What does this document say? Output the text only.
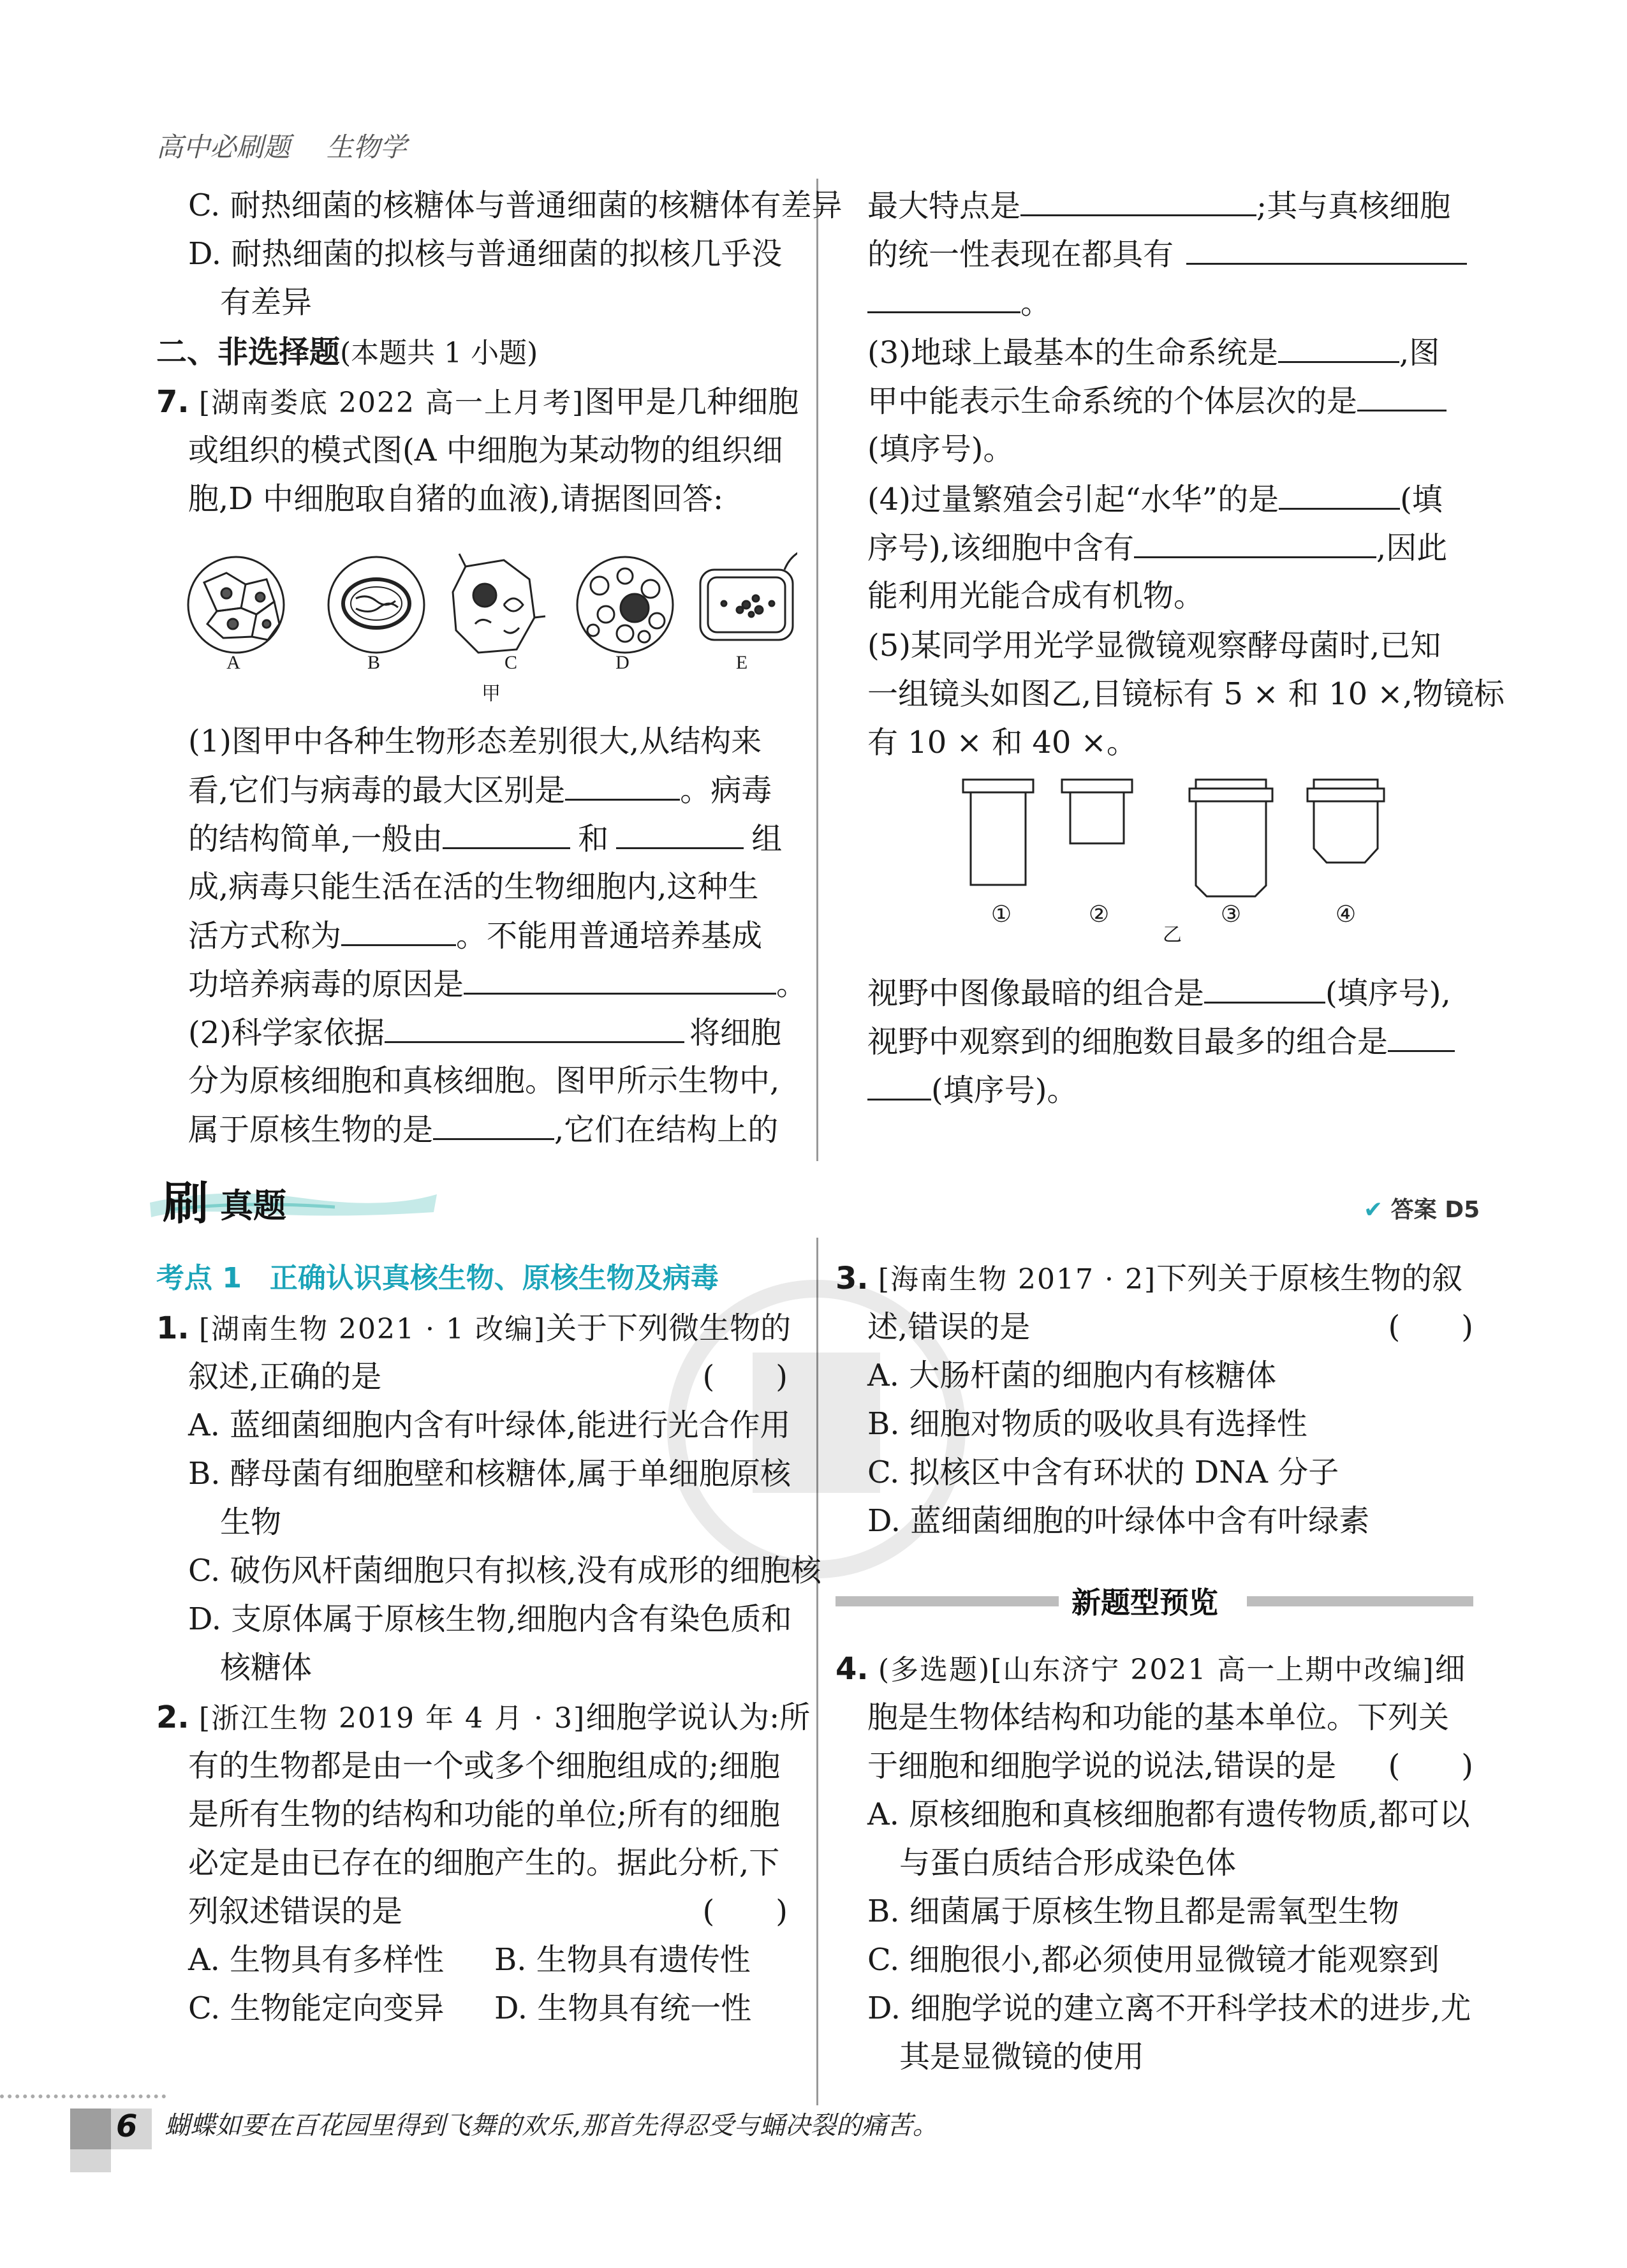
高中必刷题 生物学
C. 耐热细菌的核糖体与普通细菌的核糖体有差异
D. 耐热细菌的拟核与普通细菌的拟核几乎没
有差异
二、非选择题(本题共 1 小题)
7. [湖南娄底 2022 高一上月考]图甲是几种细胞
或组织的模式图(A 中细胞为某动物的组织细
胞,D 中细胞取自猪的血液),请据图回答:
A	B	C	D	E
甲
(1)图甲中各种生物形态差别很大,从结构来
看,它们与病毒的最大区别是	。病毒
的结构简单,一般由	和	组
成,病毒只能生活在活的生物细胞内,这种生
活方式称为	。不能用普通培养基成
功培养病毒的原因是	。
(2)科学家依据	将细胞
分为原核细胞和真核细胞。图甲所示生物中,
属于原核生物的是	,它们在结构上的
最大特点是	;其与真核细胞
的统一性表现在都具有
。
(3)地球上最基本的生命系统是	,图
甲中能表示生命系统的个体层次的是
(填序号)。
(4)过量繁殖会引起“水华”的是	(填
序号),该细胞中含有	,因此
能利用光能合成有机物。
(5)某同学用光学显微镜观察酵母菌时,已知
一组镜头如图乙,目镜标有 5 × 和 10 ×,物镜标
有 10 × 和 40 ×。
①	②	③	④
乙
视野中图像最暗的组合是	(填序号),
视野中观察到的细胞数目最多的组合是
(填序号)。
刷 真题	✔ 答案 D5
考点 1　正确认识真核生物、原核生物及病毒
1. [湖南生物 2021 · 1 改编]关于下列微生物的
叙述,正确的是	(　　)
A. 蓝细菌细胞内含有叶绿体,能进行光合作用
B. 酵母菌有细胞壁和核糖体,属于单细胞原核
生物
C. 破伤风杆菌细胞只有拟核,没有成形的细胞核
D. 支原体属于原核生物,细胞内含有染色质和
核糖体
2. [浙江生物 2019 年 4 月 · 3]细胞学说认为:所
有的生物都是由一个或多个细胞组成的;细胞
是所有生物的结构和功能的单位;所有的细胞
必定是由已存在的细胞产生的。据此分析,下
列叙述错误的是	(　　)
A. 生物具有多样性 B. 生物具有遗传性
C. 生物能定向变异 D. 生物具有统一性
3. [海南生物 2017 · 2]下列关于原核生物的叙
述,错误的是	(　　)
A. 大肠杆菌的细胞内有核糖体
B. 细胞对物质的吸收具有选择性
C. 拟核区中含有环状的 DNA 分子
D. 蓝细菌细胞的叶绿体中含有叶绿素
新题型预览
4. (多选题)[山东济宁 2021 高一上期中改编]细
胞是生物体结构和功能的基本单位。下列关
于细胞和细胞学说的说法,错误的是 (　　)
A. 原核细胞和真核细胞都有遗传物质,都可以
与蛋白质结合形成染色体
B. 细菌属于原核生物且都是需氧型生物
C. 细胞很小,都必须使用显微镜才能观察到
D. 细胞学说的建立离不开科学技术的进步,尤
其是显微镜的使用
6 蝴蝶如要在百花园里得到飞舞的欢乐,那首先得忍受与蛹决裂的痛苦。
